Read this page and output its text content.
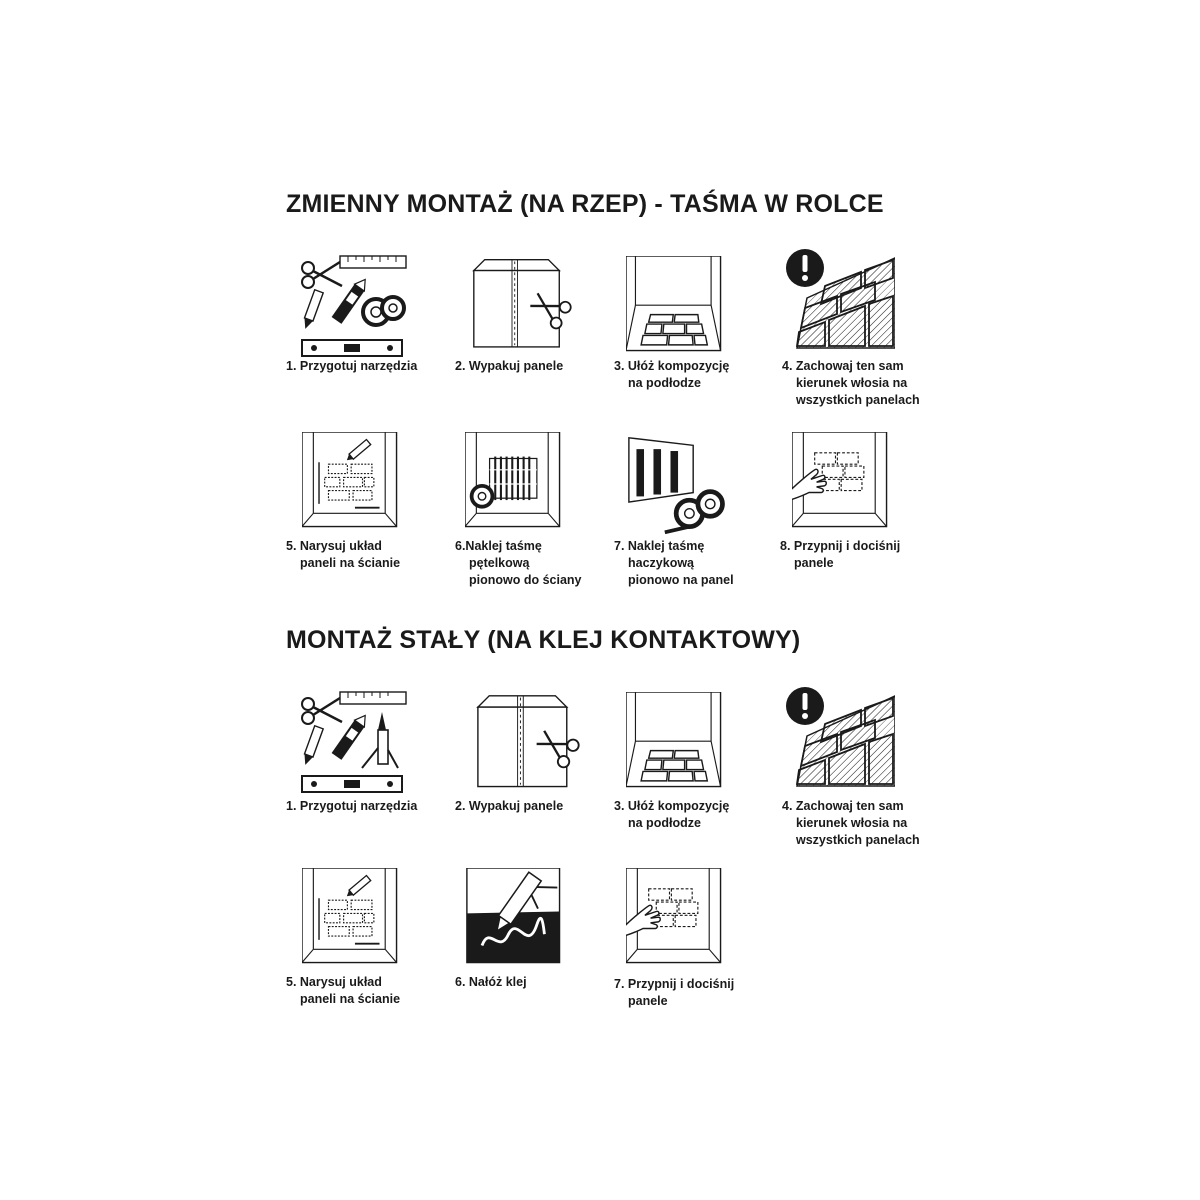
ZMIENNY MONTAŻ (NA RZEP) - TAŚMA W ROLCE
1. Przygotuj narzędzia	2. Wypakuj panele	3. Ułóż kompozycję
na podłodze
4. Zachowaj ten sam
kierunek włosia na
wszystkich panelach
5. Narysuj układ
paneli na ścianie
6.Naklej taśmę
pętelkową
pionowo do ściany
7. Naklej taśmę
haczykową
pionowo na panel
8. Przypnij i dociśnij
panele
MONTAŻ STAŁY (NA KLEJ KONTAKTOWY)
1. Przygotuj narzędzia	2. Wypakuj panele	3. Ułóż kompozycję
na podłodze
4. Zachowaj ten sam
kierunek włosia na
wszystkich panelach
5. Narysuj układ
paneli na ścianie
6. Nałóż klej	7. Przypnij i dociśnij
panele
